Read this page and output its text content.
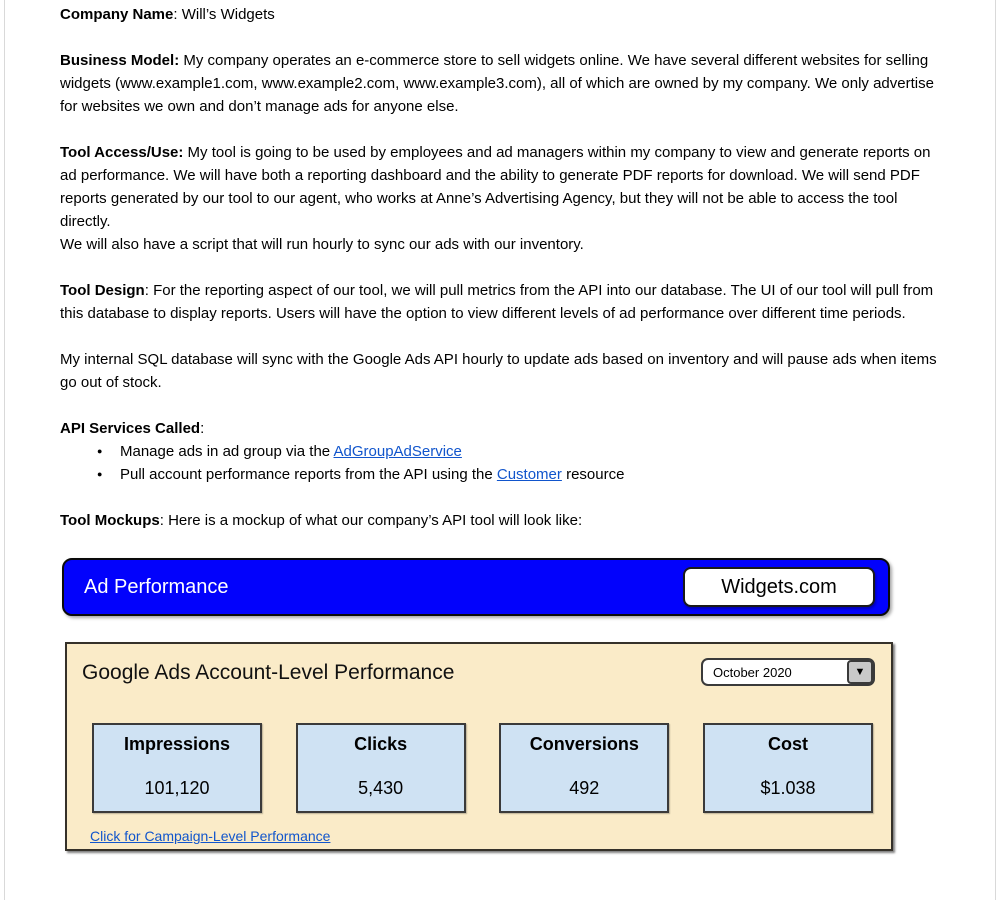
Company Name: Will’s Widgets

Business Model: My company operates an e-commerce store to sell widgets online. We have several different websites for selling widgets (www.example1.com, www.example2.com, www.example3.com), all of which are owned by my company. We only advertise for websites we own and don’t manage ads for anyone else.

Tool Access/Use: My tool is going to be used by employees and ad managers within my company to view and generate reports on ad performance. We will have both a reporting dashboard and the ability to generate PDF reports for download. We will send PDF reports generated by our tool to our agent, who works at Anne’s Advertising Agency, but they will not be able to access the tool directly.
We will also have a script that will run hourly to sync our ads with our inventory.

Tool Design: For the reporting aspect of our tool, we will pull metrics from the API into our database. The UI of our tool will pull from this database to display reports. Users will have the option to view different levels of ad performance over different time periods.

My internal SQL database will sync with the Google Ads API hourly to update ads based on inventory and will pause ads when items go out of stock.

API Services Called:

●	Manage ads in ad group via the AdGroupAdService
●	Pull account performance reports from the API using the Customer resource

Tool Mockups: Here is a mockup of what our company’s API tool will look like:

Ad Performance	Widgets.com
Google Ads Account-Level Performance	October 2020	▼
Impressions
101,120
Clicks
5,430
Conversions
492
Cost
$1.038
Click for Campaign-Level Performance
